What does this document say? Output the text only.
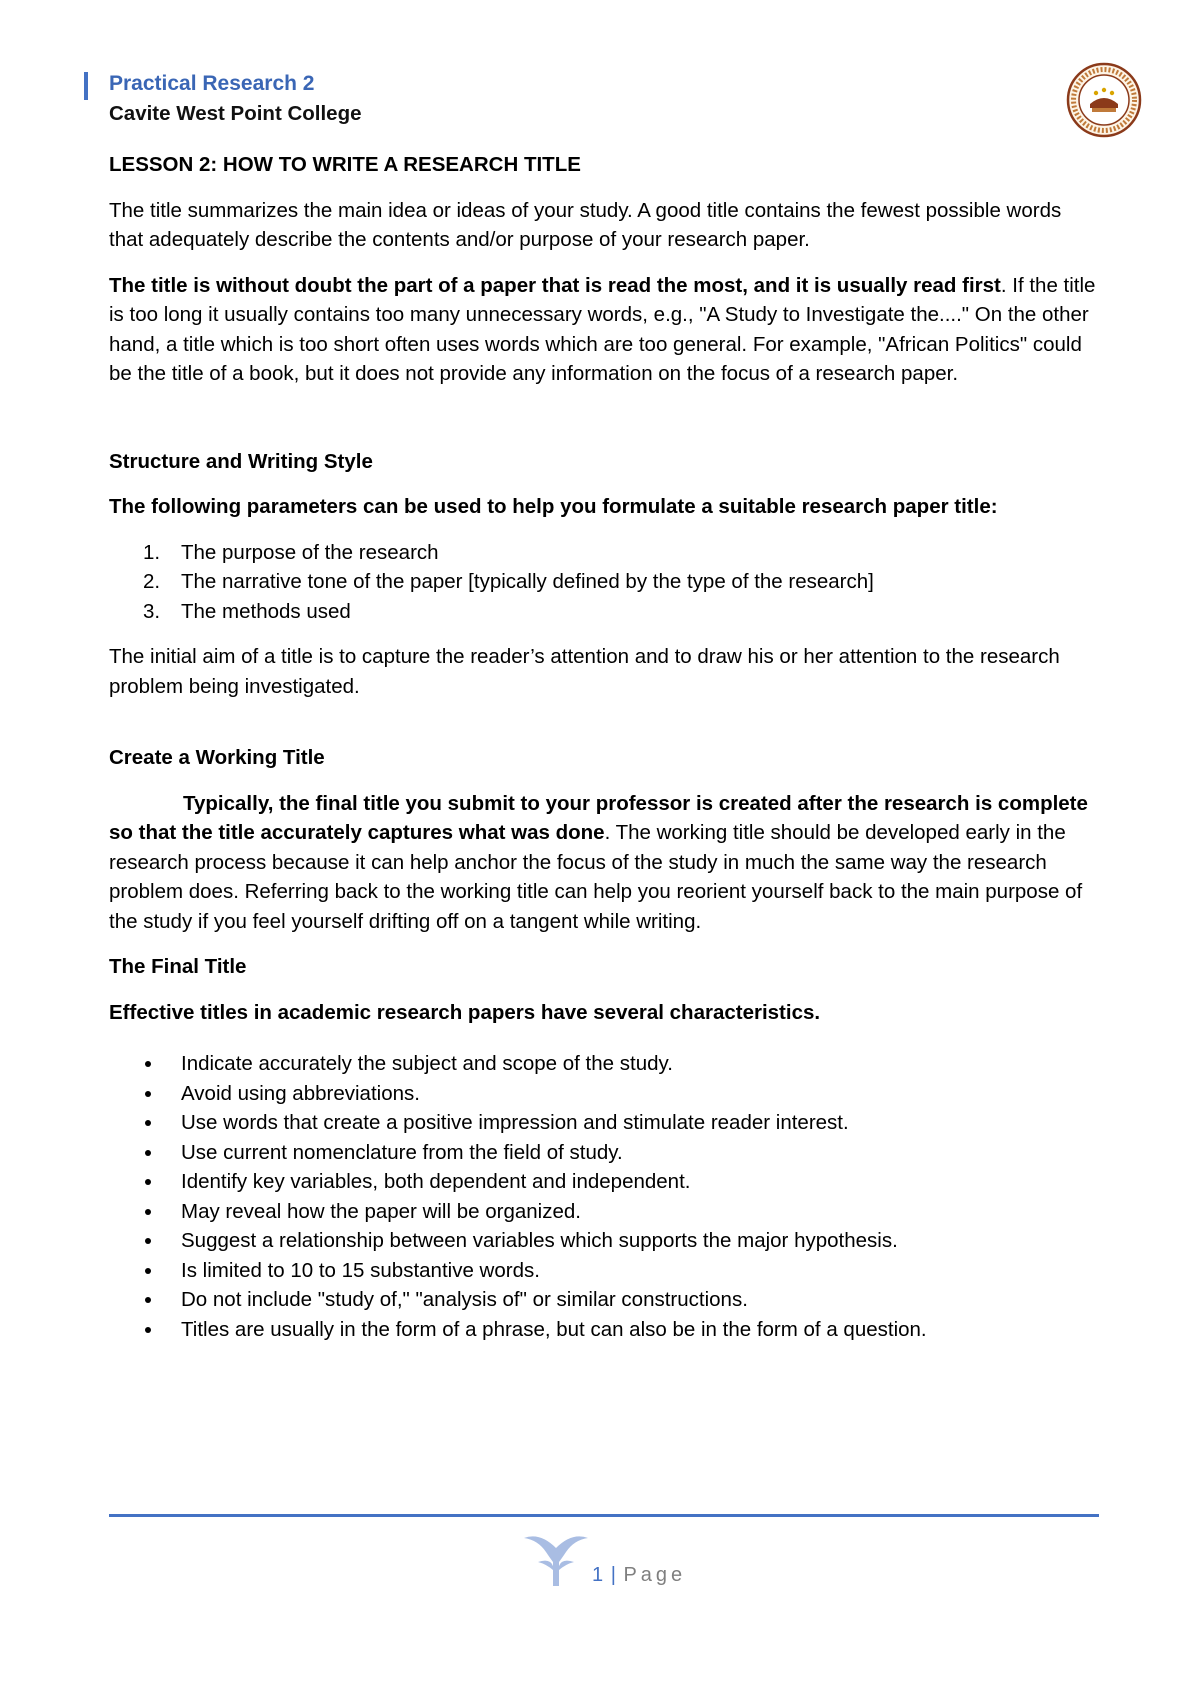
Practical Research 2
Cavite West Point College

LESSON 2: HOW TO WRITE A RESEARCH TITLE

The title summarizes the main idea or ideas of your study. A good title contains the fewest possible words that adequately describe the contents and/or purpose of your research paper.

The title is without doubt the part of a paper that is read the most, and it is usually read first. If the title is too long it usually contains too many unnecessary words, e.g., "A Study to Investigate the...." On the other hand, a title which is too short often uses words which are too general. For example, "African Politics" could be the title of a book, but it does not provide any information on the focus of a research paper.

Structure and Writing Style

The following parameters can be used to help you formulate a suitable research paper title:

1. The purpose of the research
2. The narrative tone of the paper [typically defined by the type of the research]
3. The methods used

The initial aim of a title is to capture the reader’s attention and to draw his or her attention to the research problem being investigated.

Create a Working Title

Typically, the final title you submit to your professor is created after the research is complete so that the title accurately captures what was done. The working title should be developed early in the research process because it can help anchor the focus of the study in much the same way the research problem does. Referring back to the working title can help you reorient yourself back to the main purpose of the study if you feel yourself drifting off on a tangent while writing.

The Final Title

Effective titles in academic research papers have several characteristics.

Indicate accurately the subject and scope of the study.
Avoid using abbreviations.
Use words that create a positive impression and stimulate reader interest.
Use current nomenclature from the field of study.
Identify key variables, both dependent and independent.
May reveal how the paper will be organized.
Suggest a relationship between variables which supports the major hypothesis.
Is limited to 10 to 15 substantive words.
Do not include "study of," "analysis of" or similar constructions.
Titles are usually in the form of a phrase, but can also be in the form of a question.
1 | Page
